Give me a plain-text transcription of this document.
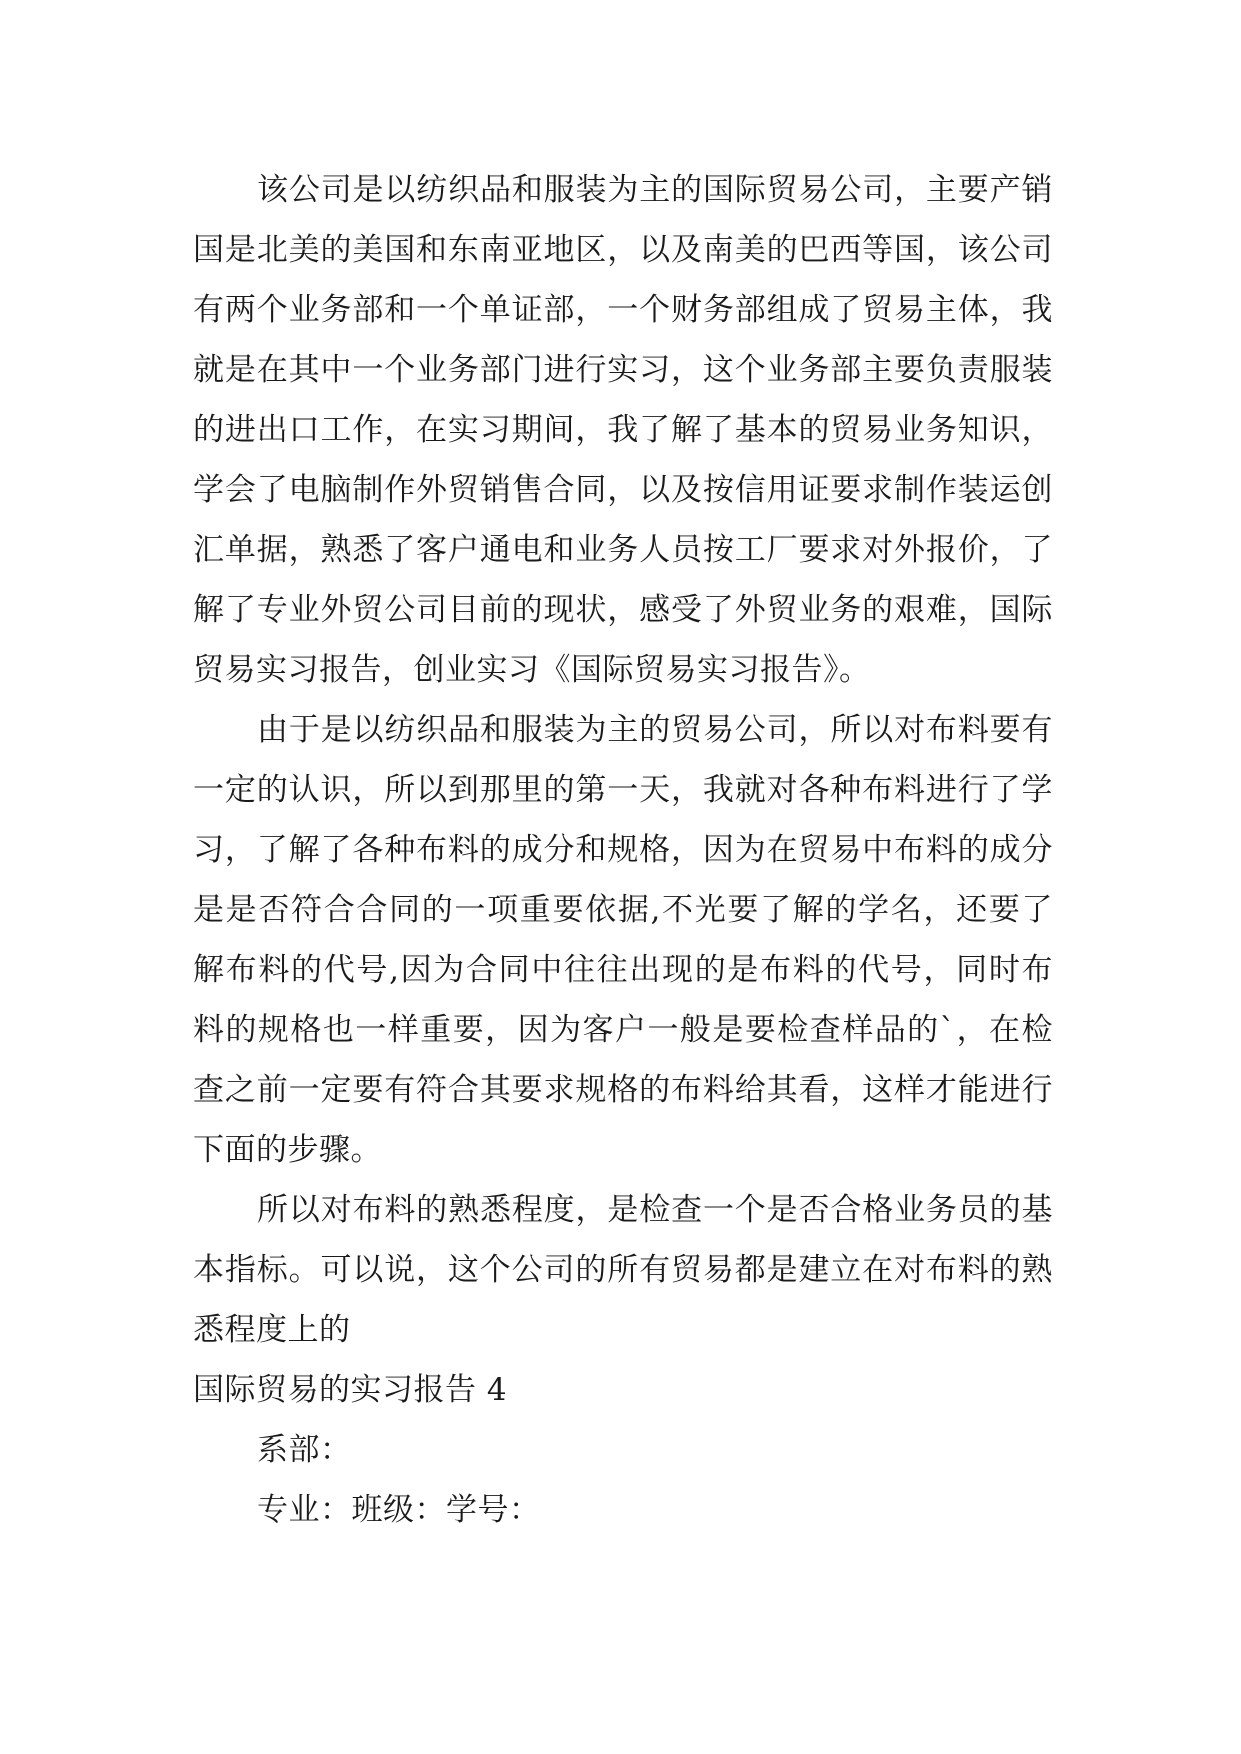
该公司是以纺织品和服装为主的国际贸易公司，主要产销国是北美的美国和东南亚地区，以及南美的巴西等国，该公司有两个业务部和一个单证部，一个财务部组成了贸易主体，我就是在其中一个业务部门进行实习，这个业务部主要负责服装的进出口工作，在实习期间，我了解了基本的贸易业务知识，学会了电脑制作外贸销售合同，以及按信用证要求制作装运创汇单据，熟悉了客户通电和业务人员按工厂要求对外报价，了解了专业外贸公司目前的现状，感受了外贸业务的艰难，国际贸易实习报告，创业实习《国际贸易实习报告》。

由于是以纺织品和服装为主的贸易公司，所以对布料要有一定的认识，所以到那里的第一天，我就对各种布料进行了学习，了解了各种布料的成分和规格，因为在贸易中布料的成分是是否符合合同的一项重要依据,不光要了解的学名，还要了解布料的代号,因为合同中往往出现的是布料的代号，同时布料的规格也一样重要，因为客户一般是要检查样品的`，在检查之前一定要有符合其要求规格的布料给其看，这样才能进行下面的步骤。

所以对布料的熟悉程度，是检查一个是否合格业务员的基本指标。可以说，这个公司的所有贸易都是建立在对布料的熟悉程度上的

国际贸易的实习报告 4

系部：

专业：班级：学号：
